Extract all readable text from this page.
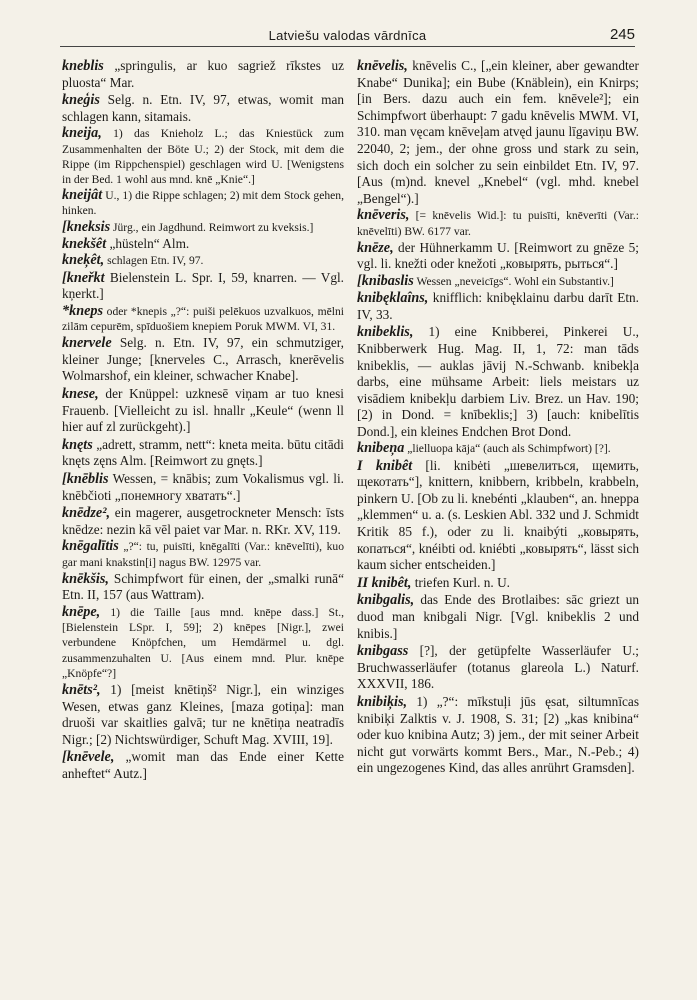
Latviešu valodas vārdnīca	245

kneblis „springulis, ar kuo sagriež rīkstes uz pluosta“ Mar.

kneģis Selg. n. Etn. IV, 97, etwas, womit man schlagen kann, sitamais.

kneija, 1) das Knieholz L.; das Kniestück zum Zusammenhalten der Böte U.; 2) der Stock, mit dem die Rippe (im Rippchenspiel) geschlagen wird U. [Wenigstens in der Bed. 1 wohl aus mnd. knē „Knie“.]

kneijât U., 1) die Rippe schlagen; 2) mit dem Stock gehen, hinken.

[kneksis Jürg., ein Jagdhund. Reimwort zu kveksis.]

knekšêt „hüsteln“ Alm.

kneķêt, schlagen Etn. IV, 97.

[kneřkt Bielenstein L. Spr. I, 59, knarren. — Vgl. kņerkt.]

*kneps oder *knepis „?“: puiši pelēkuos uzvalkuos, mēlni zilām cepurēm, spīduošiem knepiem Poruk MWM. VI, 31.

knervele Selg. n. Etn. IV, 97, ein schmutziger, kleiner Junge; [knerveles C., Arrasch, knerēvelis Wolmarshof, ein kleiner, schwacher Knabe].

knese, der Knüppel: uzknesē viņam ar tuo knesi Frauenb. [Vielleicht zu isl. hnallr „Keule“ (wenn ll hier auf zl zurückgeht).]

knęts „adrett, stramm, nett“: kneta meita. būtu citādi knęts zęns Alm. [Reimwort zu gnęts.]

[knēblis Wessen, = knābis; zum Vokalismus vgl. li. knēbčioti „понемногу хватать“.]

knēdze², ein magerer, ausgetrockneter Mensch: īsts knēdze: nezin kā vēl paiet var Mar. n. RKr. XV, 119.

knēgalītis „?“: tu, puisīti, knēgalīti (Var.: knēvelīti), kuo gar mani knakstin[i] nagus BW. 12975 var.

knēkšis, Schimpfwort für einen, der „smalki runā“ Etn. II, 157 (aus Wattram).

knēpe, 1) die Taille [aus mnd. knēpe dass.] St., [Bielenstein LSpr. I, 59]; 2) knēpes [Nigr.], zwei verbundene Knöpfchen, um Hemdärmel u. dgl. zusammenzuhalten U. [Aus einem mnd. Plur. knēpe „Knöpfe“?]

knēts², 1) [meist knētiņš² Nigr.], ein winziges Wesen, etwas ganz Kleines, [maza gotiņa]: man druoši var skaitlies galvā; tur ne knētiņa neatradīs Nigr.; [2) Nichtswürdiger, Schuft Mag. XVIII, 19].

[knēvele, „womit man das Ende einer Kette anheftet“ Autz.]

knēvelis, knēvelis C., [„ein kleiner, aber gewandter Knabe“ Dunika]; ein Bube (Knäblein), ein Knirps; [in Bers. dazu auch ein fem. knēvele²]; ein Schimpfwort überhaupt: 7 gadu knēvelis MWM. VI, 310. man vęcam knēveļam atvęd jaunu līgaviņu BW. 22040, 2; jem., der ohne gross und stark zu sein, sich doch ein solcher zu sein einbildet Etn. IV, 97. [Aus (m)nd. knevel „Knebel“ (vgl. mhd. knebel „Bengel“).]

knēveris, [= knēvelis Wid.]: tu puisīti, knēverīti (Var.: knēvelīti) BW. 6177 var.

knēze, der Hühnerkamm U. [Reimwort zu gnēze 5; vgl. li. knežti oder knežoti „ковырять, рыться“.]

[knibaslis Wessen „neveicīgs“. Wohl ein Substantiv.]

knibęklaîns, knifflich: knibęklainu darbu darīt Etn. IV, 33.

knibeklis, 1) eine Knibberei, Pinkerei U., Knibberwerk Hug. Mag. II, 1, 72: man tāds knibeklis, — auklas jāvij N.-Schwanb. knibekļa darbs, eine mühsame Arbeit: liels meistars uz visādiem knibekļu darbiem Liv. Brez. un Hav. 190; [2) in Dond. = knībeklis;] 3) [auch: knibelītis Dond.], ein kleines Endchen Brot Dond.

knibeņa „lielluopa kāja“ (auch als Schimpfwort) [?].

I knibêt [li. knibėti „шевелиться, щемить, щекотать“], knittern, knibbern, kribbeln, krabbeln, pinkern U. [Ob zu li. knebénti „klauben“, an. hneppa „klemmen“ u. a. (s. Leskien Abl. 332 und J. Schmidt Kritik 85 f.), oder zu li. knaibýti „ковырять, копаться“, knéibti od. kniébti „ковырять“, lässt sich kaum sicher entscheiden.]

II knibêt, triefen Kurl. n. U.

knibgalis, das Ende des Brotlaibes: sāc griezt un duod man knibgali Nigr. [Vgl. knibeklis 2 und knibis.]

knibgass [?], der getüpfelte Wasserläufer U.; Bruchwasserläufer (totanus glareola L.) Naturf. XXXVII, 186.

knibiķis, 1) „?“: mīkstuļi jūs ęsat, siltumnīcas knibiķi Zalktis v. J. 1908, S. 31; [2) „kas knibina“ oder kuo knibina Autz; 3) jem., der mit seiner Arbeit nicht gut vorwärts kommt Bers., Mar., N.-Peb.; 4) ein ungezogenes Kind, das alles anrührt Gramsden].
